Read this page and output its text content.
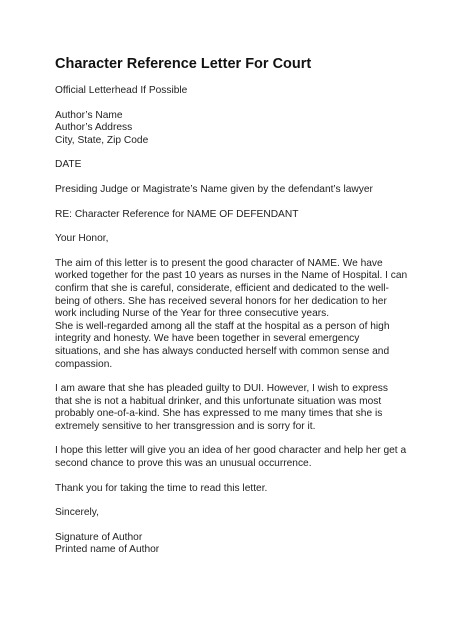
Character Reference Letter For Court
Official Letterhead If Possible
Author’s Name
Author’s Address
City, State, Zip Code
DATE
Presiding Judge or Magistrate’s Name given by the defendant’s lawyer
RE: Character Reference for NAME OF DEFENDANT
Your Honor,
The aim of this letter is to present the good character of NAME. We have
worked together for the past 10 years as nurses in the Name of Hospital. I can
confirm that she is careful, considerate, efficient and dedicated to the well-
being of others. She has received several honors for her dedication to her
work including Nurse of the Year for three consecutive years.
She is well-regarded among all the staff at the hospital as a person of high
integrity and honesty. We have been together in several emergency
situations, and she has always conducted herself with common sense and
compassion.
I am aware that she has pleaded guilty to DUI. However, I wish to express
that she is not a habitual drinker, and this unfortunate situation was most
probably one-of-a-kind. She has expressed to me many times that she is
extremely sensitive to her transgression and is sorry for it.
I hope this letter will give you an idea of her good character and help her get a
second chance to prove this was an unusual occurrence.
Thank you for taking the time to read this letter.
Sincerely,
Signature of Author
Printed name of Author
